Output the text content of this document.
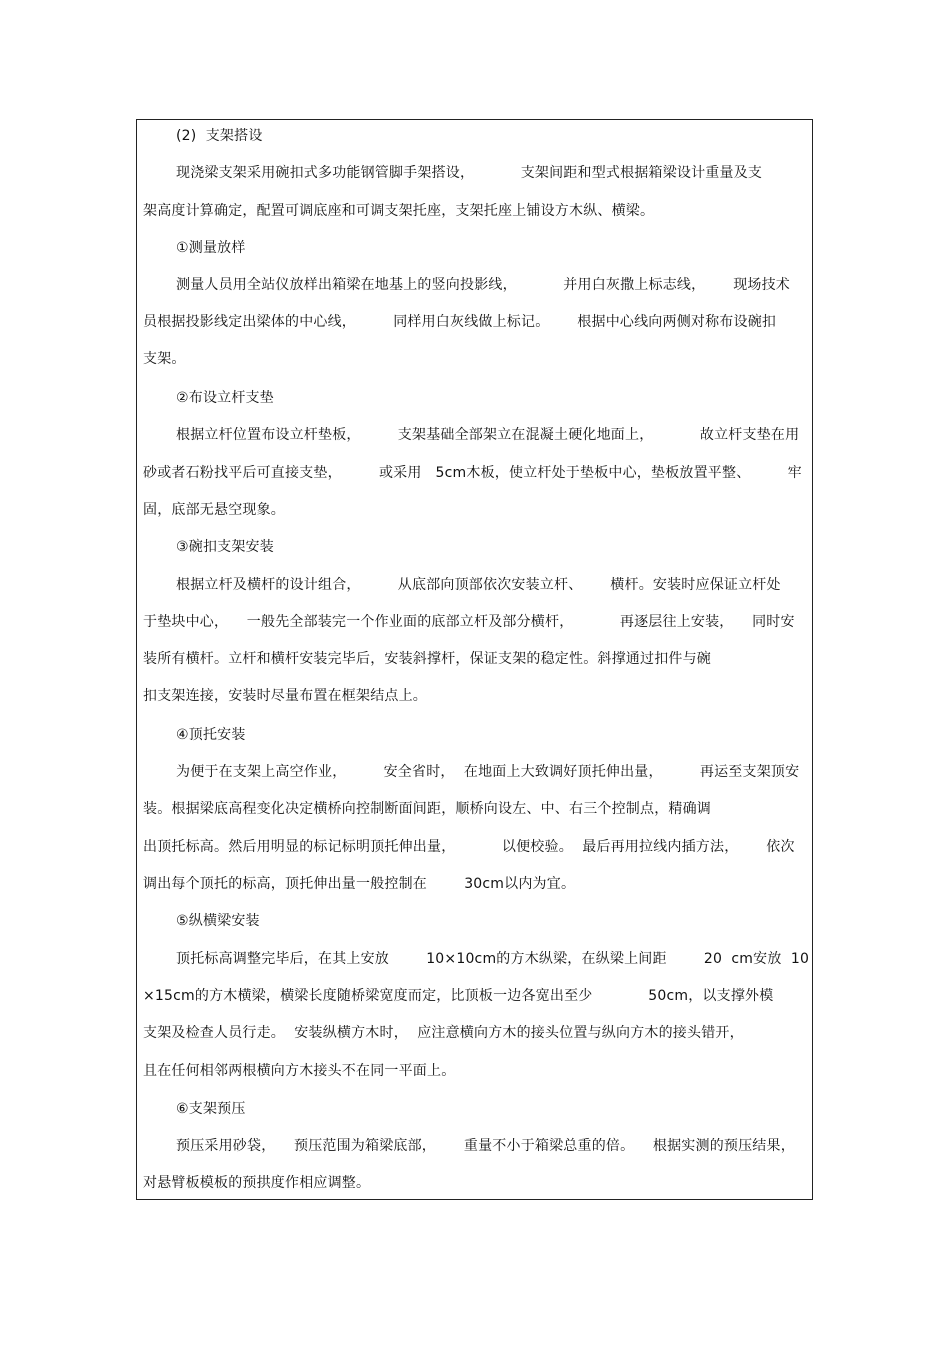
(2)  支架搭设
现浇梁支架采用碗扣式多功能钢管脚手架搭设，          支架间距和型式根据箱梁设计重量及支
架高度计算确定，配置可调底座和可调支架托座，支架托座上铺设方木纵、横梁。
①测量放样
测量人员用全站仪放样出箱梁在地基上的竖向投影线，          并用白灰撒上标志线，      现场技术
员根据投影线定出梁体的中心线，        同样用白灰线做上标记。      根据中心线向两侧对称布设碗扣
支架。
②布设立杆支垫
根据立杆位置布设立杆垫板，        支架基础全部架立在混凝土硬化地面上，          故立杆支垫在用
砂或者石粉找平后可直接支垫，        或采用   5cm木板，使立杆处于垫板中心，垫板放置平整、        牢
固，底部无悬空现象。
③碗扣支架安装
根据立杆及横杆的设计组合，        从底部向顶部依次安装立杆、      横杆。安装时应保证立杆处
于垫块中心，    一般先全部装完一个作业面的底部立杆及部分横杆，          再逐层往上安装，    同时安
装所有横杆。立杆和横杆安装完毕后，安装斜撑杆，保证支架的稳定性。斜撑通过扣件与碗
扣支架连接，安装时尽量布置在框架结点上。
④顶托安装
为便于在支架上高空作业，        安全省时，  在地面上大致调好顶托伸出量，        再运至支架顶安
装。根据梁底高程变化决定横桥向控制断面间距，顺桥向设左、中、右三个控制点，精确调
出顶托标高。然后用明显的标记标明顶托伸出量，          以便校验。  最后再用拉线内插方法，      依次
调出每个顶托的标高，顶托伸出量一般控制在        30cm以内为宜。
⑤纵横梁安装
顶托标高调整完毕后，在其上安放        10×10cm的方木纵梁，在纵梁上间距        20  cm安放  10
×15cm的方木横梁，横梁长度随桥梁宽度而定，比顶板一边各宽出至少            50cm，以支撑外模
支架及检查人员行走。  安装纵横方木时，  应注意横向方木的接头位置与纵向方木的接头错开，
且在任何相邻两根横向方木接头不在同一平面上。
⑥支架预压
预压采用砂袋，    预压范围为箱梁底部，      重量不小于箱梁总重的倍。    根据实测的预压结果，
对悬臂板模板的预拱度作相应调整。
